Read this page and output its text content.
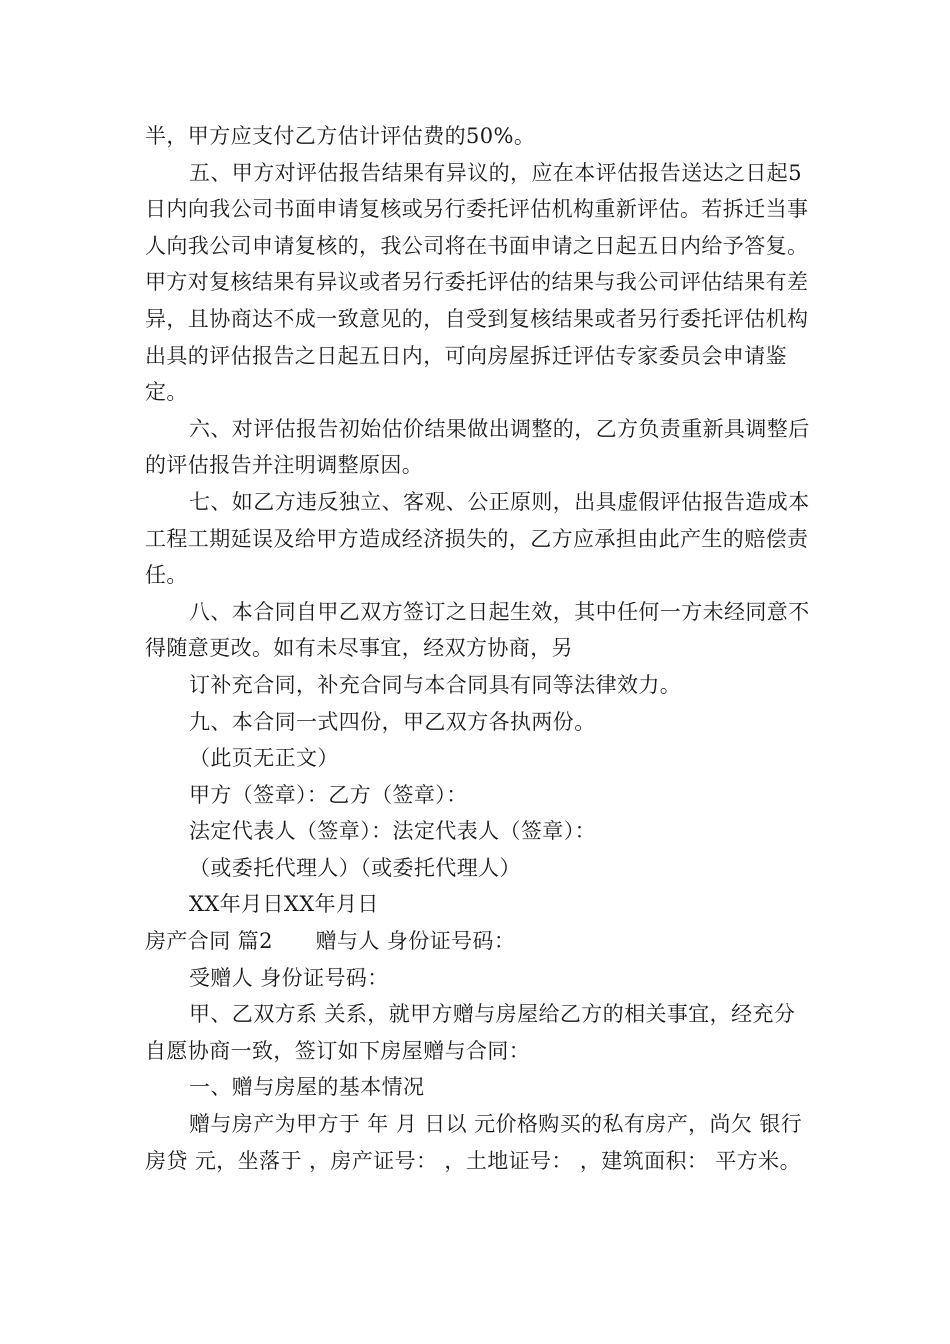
半，甲方应支付乙方估计评估费的50%。

五、甲方对评估报告结果有异议的，应在本评估报告送达之日起5日内向我公司书面申请复核或另行委托评估机构重新评估。若拆迁当事人向我公司申请复核的，我公司将在书面申请之日起五日内给予答复。甲方对复核结果有异议或者另行委托评估的结果与我公司评估结果有差异，且协商达不成一致意见的，自受到复核结果或者另行委托评估机构出具的评估报告之日起五日内，可向房屋拆迁评估专家委员会申请鉴定。

六、对评估报告初始估价结果做出调整的，乙方负责重新具调整后的评估报告并注明调整原因。

七、如乙方违反独立、客观、公正原则，出具虚假评估报告造成本工程工期延误及给甲方造成经济损失的，乙方应承担由此产生的赔偿责任。

八、本合同自甲乙双方签订之日起生效，其中任何一方未经同意不得随意更改。如有未尽事宜，经双方协商，另

订补充合同，补充合同与本合同具有同等法律效力。

九、本合同一式四份，甲乙双方各执两份。

（此页无正文）

甲方（签章）：乙方（签章）：

法定代表人（签章）：法定代表人（签章）：

（或委托代理人）（或委托代理人）

XX年月日XX年月日

房产合同 篇2　　赠与人 身份证号码：

受赠人 身份证号码：

甲、乙双方系 关系，就甲方赠与房屋给乙方的相关事宜，经充分自愿协商一致，签订如下房屋赠与合同：

一、赠与房屋的基本情况

赠与房产为甲方于 年 月 日以 元价格购买的私有房产，尚欠 银行房贷 元，坐落于 ，房产证号： ，土地证号： ，建筑面积： 平方米。
